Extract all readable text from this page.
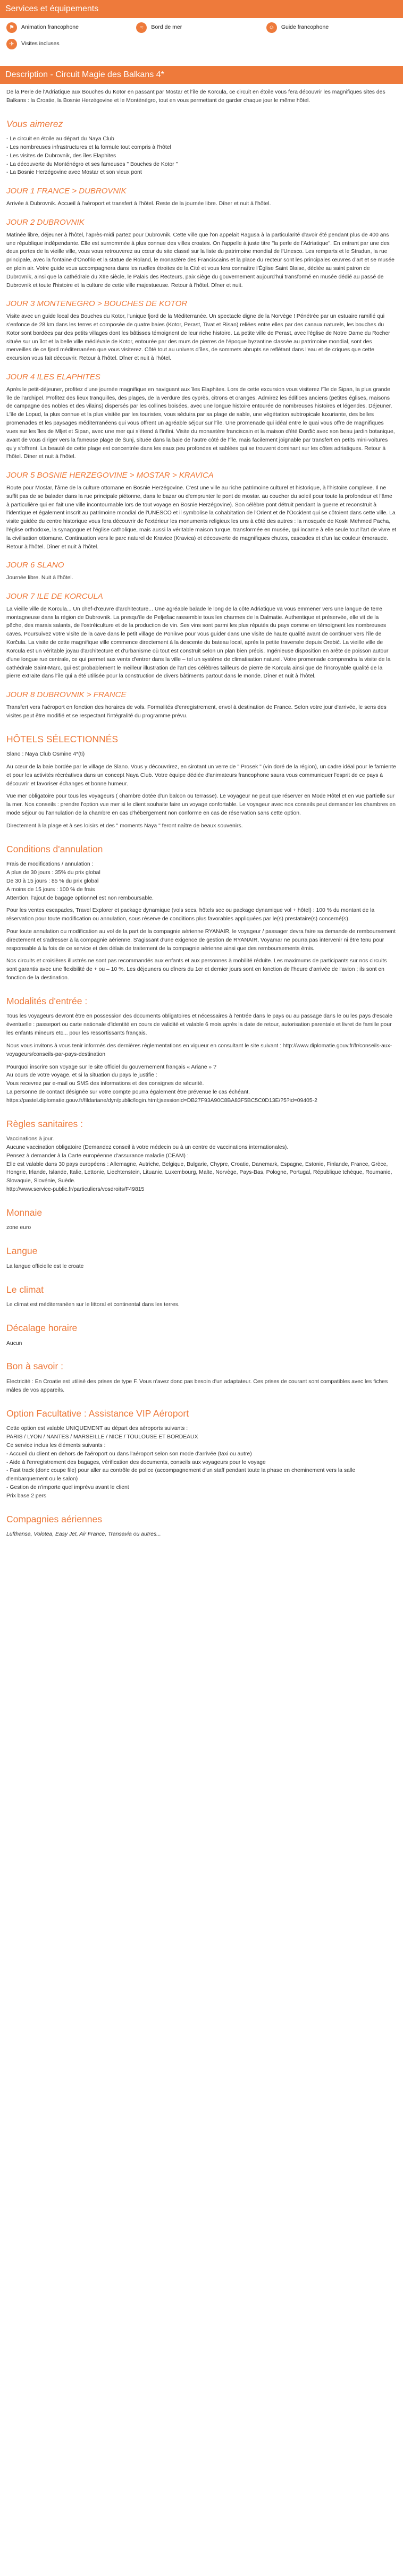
Services et équipements
⚑	Animation francophone	≈	Bord de mer	☺	Guide francophone
✈	Visites incluses
Description - Circuit Magie des Balkans 4*

De la Perle de l'Adriatique aux Bouches du Kotor en passant par Mostar et l'île de Korcula, ce circuit en étoile vous fera découvrir les magnifiques sites des Balkans : la Croatie, la Bosnie Herzégovine et le Monténégro, tout en vous permettant de garder chaque jour le même hôtel.

Vous aimerez

- Le circuit en étoile au départ du Naya Club

- Les nombreuses infrastructures et la formule tout compris à l'hôtel

- Les visites de Dubrovnik, des îles Elaphites

- La découverte du Monténégro et ses fameuses " Bouches de Kotor "

- La Bosnie Herzégovine avec Mostar et son vieux pont

JOUR 1 FRANCE > DUBROVNIK

Arrivée à Dubrovnik. Accueil à l'aéroport et transfert à l'hôtel. Reste de la journée libre. Dîner et nuit à l'hôtel.

JOUR 2 DUBROVNIK

Matinée libre, déjeuner à l'hôtel, l'après-midi partez pour Dubrovnik. Cette ville que l'on appelait Ragusa à la particularité d'avoir été pendant plus de 400 ans une république indépendante. Elle est surnommée à plus connue des villes croates. On l'appelle à juste titre "la perle de l'Adriatique". En entrant par une des deux portes de la vieille ville, vous vous retrouverez au cœur du site classé sur la liste du patrimoine mondial de l'Unesco. Les remparts et le Stradun, la rue principale, avec la fontaine d'Onofrio et la statue de Roland, le monastère des Franciscains et la place du recteur sont les principales œuvres d'art et se musée en plein air. Votre guide vous accompagnera dans les ruelles étroites de la Cité et vous fera connaître l'Église Saint Blaise, dédiée au saint patron de Dubrovnik, ainsi que la cathédrale du XIIe siècle, le Palais des Recteurs, paix siège du gouvernement aujourd'hui transformé en musée dédié au passé de Dubrovnik et toute l'histoire et la culture de cette ville majestueuse. Retour à l'hôtel. Dîner et nuit.

JOUR 3 MONTENEGRO > BOUCHES DE KOTOR

Visite avec un guide local des Bouches du Kotor, l'unique fjord de la Méditerranée. Un spectacle digne de la Norvège ! Pénétrée par un estuaire ramifié qui s'enfonce de 28 km dans les terres et composée de quatre baies (Kotor, Perast, Tivat et Risan) reliées entre elles par des canaux naturels, les bouches du Kotor sont bordées par des petits villages dont les bâtisses témoignent de leur riche histoire. La petite ville de Perast, avec l'église de Notre Dame du Rocher située sur un îlot et la belle ville médiévale de Kotor, entourée par des murs de pierres de l'époque byzantine classée au patrimoine mondial, sont des merveilles de ce fjord méditerranéen que vous visiterez. Côté tout au univers d'îles, de sommets abrupts se reflétant dans l'eau et de criques que cette excursion vous fait découvrir. Retour à l'hôtel. Dîner et nuit à l'hôtel.

JOUR 4 ILES ELAPHITES

Après le petit-déjeuner, profitez d'une journée magnifique en naviguant aux îles Elaphites. Lors de cette excursion vous visiterez l'île de Sipan, la plus grande île de l'archipel. Profitez des lieux tranquilles, des plages, de la verdure des cyprès, citrons et oranges. Admirez les édifices anciens (petites églises, maisons de campagne des nobles et des vilains) dispersés par les collines boisées, avec une longue histoire entourée de nombreuses histoires et légendes. Déjeuner. L'île de Lopud, la plus connue et la plus visitée par les touristes, vous séduira par sa plage de sable, une végétation subtropicale luxuriante, des belles promenades et les paysages méditerranéens qui vous offrent un agréable séjour sur l'île. Une promenade qui idéal entre le quai vous offre de magnifiques vues sur les îles de Mljet et Sipan, avec une mer qui s'étend à l'infini. Visite du monastère franciscain et la maison d'été Đorđić avec son beau jardin botanique, avant de vous diriger vers la fameuse plage de Šunj, située dans la baie de l'autre côté de l'île, mais facilement joignable par transfert en petits mini-voitures qu'y s'offrent. La beauté de cette plage est concentrée dans les eaux peu profondes et sablées qui se trouvent dominant sur les côtes adriatiques. Retour à l'hôtel. Dîner et nuit à l'hôtel.

JOUR 5 BOSNIE HERZEGOVINE > MOSTAR > KRAVICA

Route pour Mostar, l'âme de la culture ottomane en Bosnie Herzégovine. C'est une ville au riche patrimoine culturel et historique, à l'histoire complexe. Il ne suffit pas de se balader dans la rue principale piétonne, dans le bazar ou d'emprunter le pont de mostar. au coucher du soleil pour toute la profondeur et l'âme à particulière qui en fait une ville incontournable lors de tout voyage en Bosnie Herzégovine). Son célèbre pont détruit pendant la guerre et reconstruit à l'identique et également inscrit au patrimoine mondial de l'UNESCO et il symbolise la cohabitation de l'Orient et de l'Occident qui se côtoient dans cette ville. La visite guidée du centre historique vous fera découvrir de l'extérieur les monuments religieux les uns à côté des autres : la mosquée de Koski Mehmed Pacha, l'église orthodoxe, la synagogue et l'église catholique, mais aussi la véritable maison turque, transformée en musée, qui incarne à elle seule tout l'art de vivre et la civilisation ottomane. Continuation vers le parc naturel de Kravice (Kravica) et découverte de magnifiques chutes, cascades et d'un lac couleur émeraude. Retour à l'hôtel. Dîner et nuit à l'hôtel.

JOUR 6 SLANO

Journée libre. Nuit à l'hôtel.

JOUR 7 ILE DE KORCULA

La vieille ville de Korcula... Un chef-d'œuvre d'architecture... Une agréable balade le long de la côte Adriatique va vous emmener vers une langue de terre montagneuse dans la région de Dubrovnik. La presqu'île de Pelješac rassemble tous les charmes de la Dalmatie. Authentique et préservée, elle vit de la pêche, des marais salants, de l'ostréiculture et de la production de vin. Ses vins sont parmi les plus réputés du pays comme en témoignent les nombreuses caves. Poursuivez votre visite de la cave dans le petit village de Ponikve pour vous guider dans une visite de haute qualité avant de continuer vers l'île de Korčula. La visite de cette magnifique ville commence directement à la descente du bateau local, après la petite traversée depuis Orebić. La vieille ville de Korcula est un véritable joyau d'architecture et d'urbanisme où tout est construit selon un plan bien précis. Ingénieuse disposition en arête de poisson autour d'une longue rue centrale, ce qui permet aux vents d'entrer dans la ville – tel un système de climatisation naturel. Votre promenade comprendra la visite de la cathédrale Saint-Marc, qui est probablement le meilleur illustration de l'art des célèbres tailleurs de pierre de Korcula ainsi que de l'incroyable qualité de la pierre extraite dans l'île qui a été utilisée pour la construction de divers bâtiments partout dans le monde. Dîner et nuit à l'hôtel.

JOUR 8 DUBROVNIK > FRANCE

Transfert vers l'aéroport en fonction des horaires de vols. Formalités d'enregistrement, envol à destination de France. Selon votre jour d'arrivée, le sens des visites peut être modifié et se respectant l'intégralité du programme prévu.

HÔTELS SÉLECTIONNÉS

Slano : Naya Club Osmine 4*(ti)

Au cœur de la baie bordée par le village de Slano. Vous y découvrirez, en sirotant un verre de " Prosek " (vin doré de la région), un cadre idéal pour le farniente et pour les activités récréatives dans un concept Naya Club. Votre équipe dédiée d'animateurs francophone saura vous communiquer l'esprit de ce pays à découvrir et favoriser échanges et bonne humeur.

Vue mer obligatoire pour tous les voyageurs ( chambre dotée d'un balcon ou terrasse). Le voyageur ne peut que réserver en Mode Hôtel et en vue partielle sur la mer. Nos conseils : prendre l'option vue mer si le client souhaite faire un voyage confortable. Le voyageur avec nos conseils peut demander les chambres en mode séjour ou l'annulation de la chambre en cas d'hébergement non conforme en cas de réservation sans cette option.

Directement à la plage et à ses loisirs et des " moments Naya " feront naître de beaux souvenirs.

Conditions d'annulation

Frais de modifications / annulation :

A plus de 30 jours : 35% du prix global

De 30 à 15 jours : 85 % du prix global

A moins de 15 jours : 100 % de frais

Attention, l'ajout de bagage optionnel est non remboursable.

Pour les ventes escapades, Travel Explorer et package dynamique (vols secs, hôtels sec ou package dynamique vol + hôtel) : 100 % du montant de la réservation pour toute modification ou annulation, sous réserve de conditions plus favorables appliquées par le(s) prestataire(s) concerné(s).

Pour toute annulation ou modification au vol de la part de la compagnie aérienne RYANAIR, le voyageur / passager devra faire sa demande de remboursement directement et s'adresser à la compagnie aérienne. S'agissant d'une exigence de gestion de RYANAIR, Voyamar ne pourra pas intervenir ni être tenu pour responsable à la fois de ce service et des délais de traitement de la compagnie aérienne ainsi que des remboursements émis.

Nos circuits et croisières illustrés ne sont pas recommandés aux enfants et aux personnes à mobilité réduite. Les maximums de participants sur nos circuits sont garantis avec une flexibilité de + ou – 10 %. Les déjeuners ou dîners du 1er et dernier jours sont en fonction de l'heure d'arrivée de l'avion ; ils sont en fonction de la destination.

Modalités d'entrée :

Tous les voyageurs devront être en possession des documents obligatoires et nécessaires à l'entrée dans le pays ou au passage dans le ou les pays d'escale éventuelle : passeport ou carte nationale d'identité en cours de validité et valable 6 mois après la date de retour, autorisation parentale et livret de famille pour les enfants mineurs etc... pour les ressortissants français.

Nous vous invitons à vous tenir informés des dernières réglementations en vigueur en consultant le site suivant : http://www.diplomatie.gouv.fr/fr/conseils-aux-voyageurs/conseils-par-pays-destination

Pourquoi inscrire son voyage sur le site officiel du gouvernement français « Ariane » ?

Au cours de votre voyage, et si la situation du pays le justifie :

Vous recevrez par e-mail ou SMS des informations et des consignes de sécurité.

La personne de contact désignée sur votre compte pourra également être prévenue le cas échéant.

https://pastel.diplomatie.gouv.fr/fildariane/dyn/public/login.html;jsessionid=DB27F93A90C8BA83F5BC5C0D13E/?5?id=09405-2

Règles sanitaires :

Vaccinations à jour.

Aucune vaccination obligatoire (Demandez conseil à votre médecin ou à un centre de vaccinations internationales).

Pensez à demander à la Carte européenne d'assurance maladie (CEAM) :

Elle est valable dans 30 pays européens : Allemagne, Autriche, Belgique, Bulgarie, Chypre, Croatie, Danemark, Espagne, Estonie, Finlande, France, Grèce, Hongrie, Irlande, Islande, Italie, Lettonie, Liechtenstein, Lituanie, Luxembourg, Malte, Norvège, Pays-Bas, Pologne, Portugal, République tchèque, Roumanie, Slovaquie, Slovénie, Suède.

http://www.service-public.fr/particuliers/vosdroits/F49815

Monnaie

zone euro

Langue

La langue officielle est le croate

Le climat

Le climat est méditerranéen sur le littoral et continental dans les terres.

Décalage horaire

Aucun

Bon à savoir :

Electricité : En Croatie est utilisé des prises de type F. Vous n'avez donc pas besoin d'un adaptateur. Ces prises de courant sont compatibles avec les fiches mâles de vos appareils.

Option Facultative : Assistance VIP Aéroport

Cette option est valable UNIQUEMENT au départ des aéroports suivants :

PARIS / LYON / NANTES / MARSEILLE / NICE / TOULOUSE ET BORDEAUX

Ce service inclus les éléments suivants :

- Accueil du client en dehors de l'aéroport ou dans l'aéroport selon son mode d'arrivée (taxi ou autre)

- Aide à l'enregistrement des bagages, vérification des documents, conseils aux voyageurs pour le voyage

- Fast track (donc coupe file) pour aller au contrôle de police (accompagnement d'un staff pendant toute la phase en cheminement vers la salle d'embarquement ou le salon)

- Gestion de n'importe quel imprévu avant le client

Prix base 2 pers

Compagnies aériennes

Lufthansa, Volotea, Easy Jet, Air France, Transavia ou autres...
